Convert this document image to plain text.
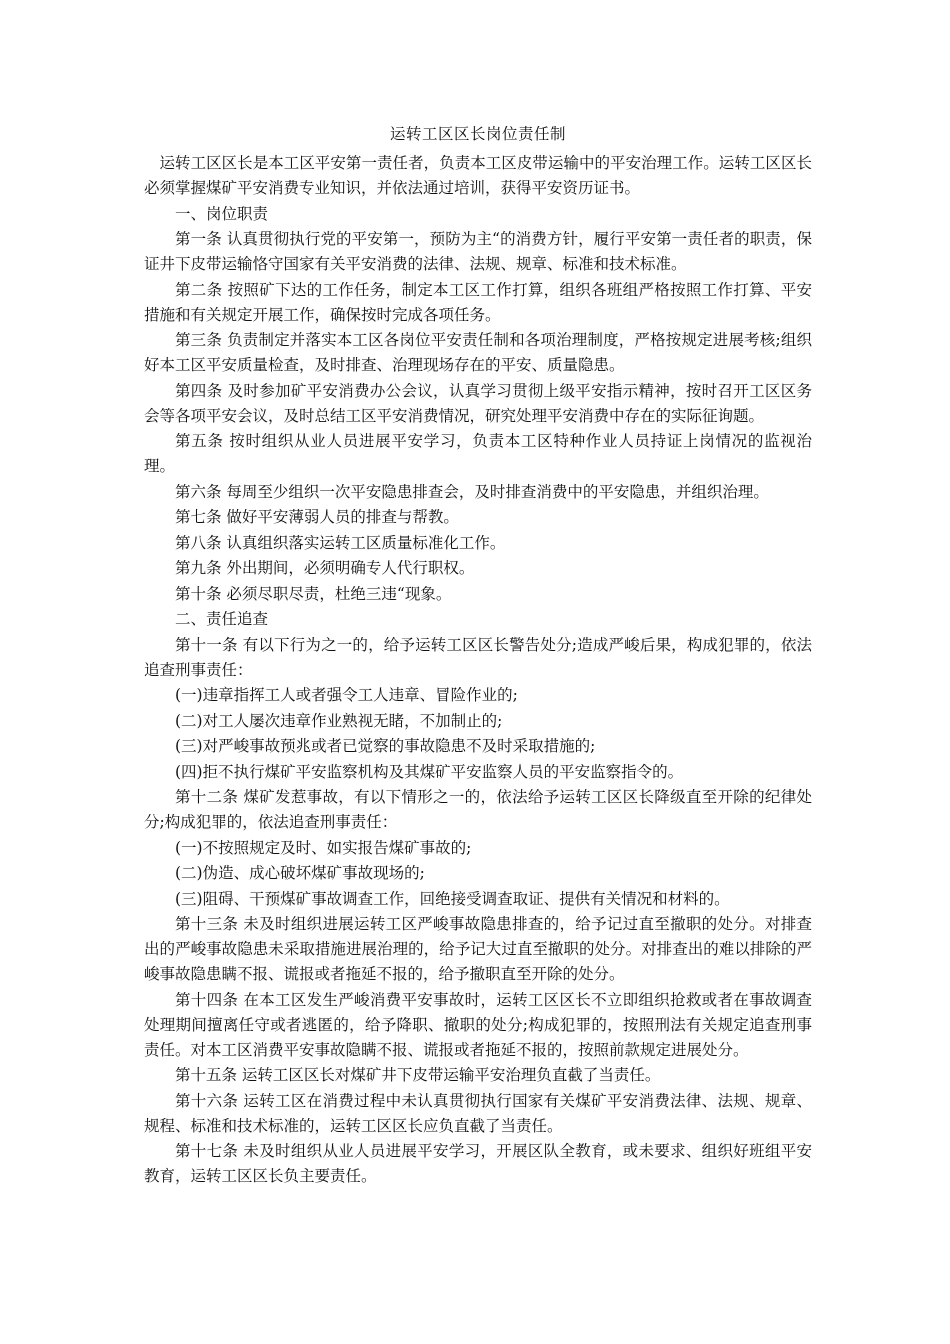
运转工区区长岗位责任制
运转工区区长是本工区平安第一责任者，负责本工区皮带运输中的平安治理工作。运转工区区长必须掌握煤矿平安消费专业知识，并依法通过培训，获得平安资历证书。
一、岗位职责
第一条 认真贯彻执行党的平安第一，预防为主“的消费方针，履行平安第一责任者的职责，保证井下皮带运输恪守国家有关平安消费的法律、法规、规章、标准和技术标准。
第二条 按照矿下达的工作任务，制定本工区工作打算，组织各班组严格按照工作打算、平安措施和有关规定开展工作，确保按时完成各项任务。
第三条 负责制定并落实本工区各岗位平安责任制和各项治理制度，严格按规定进展考核;组织好本工区平安质量检查，及时排查、治理现场存在的平安、质量隐患。
第四条 及时参加矿平安消费办公会议，认真学习贯彻上级平安指示精神，按时召开工区区务会等各项平安会议，及时总结工区平安消费情况，研究处理平安消费中存在的实际征询题。
第五条 按时组织从业人员进展平安学习，负责本工区特种作业人员持证上岗情况的监视治理。
第六条 每周至少组织一次平安隐患排查会，及时排查消费中的平安隐患，并组织治理。
第七条 做好平安薄弱人员的排查与帮教。
第八条 认真组织落实运转工区质量标准化工作。
第九条 外出期间，必须明确专人代行职权。
第十条 必须尽职尽责，杜绝三违“现象。
二、责任追查
第十一条 有以下行为之一的，给予运转工区区长警告处分;造成严峻后果，构成犯罪的，依法追查刑事责任：
(一)违章指挥工人或者强令工人违章、冒险作业的;
(二)对工人屡次违章作业熟视无睹，不加制止的;
(三)对严峻事故预兆或者已觉察的事故隐患不及时采取措施的;
(四)拒不执行煤矿平安监察机构及其煤矿平安监察人员的平安监察指令的。
第十二条 煤矿发惹事故，有以下情形之一的，依法给予运转工区区长降级直至开除的纪律处分;构成犯罪的，依法追查刑事责任：
(一)不按照规定及时、如实报告煤矿事故的;
(二)伪造、成心破坏煤矿事故现场的;
(三)阻碍、干预煤矿事故调查工作，回绝接受调查取证、提供有关情况和材料的。
第十三条 未及时组织进展运转工区严峻事故隐患排查的，给予记过直至撤职的处分。对排查出的严峻事故隐患未采取措施进展治理的，给予记大过直至撤职的处分。对排查出的难以排除的严峻事故隐患瞒不报、谎报或者拖延不报的，给予撤职直至开除的处分。
第十四条 在本工区发生严峻消费平安事故时，运转工区区长不立即组织抢救或者在事故调查处理期间擅离任守或者逃匿的，给予降职、撤职的处分;构成犯罪的，按照刑法有关规定追查刑事责任。对本工区消费平安事故隐瞒不报、谎报或者拖延不报的，按照前款规定进展处分。
第十五条 运转工区区长对煤矿井下皮带运输平安治理负直截了当责任。
第十六条 运转工区在消费过程中未认真贯彻执行国家有关煤矿平安消费法律、法规、规章、规程、标准和技术标准的，运转工区区长应负直截了当责任。
第十七条 未及时组织从业人员进展平安学习，开展区队全教育，或未要求、组织好班组平安教育，运转工区区长负主要责任。
